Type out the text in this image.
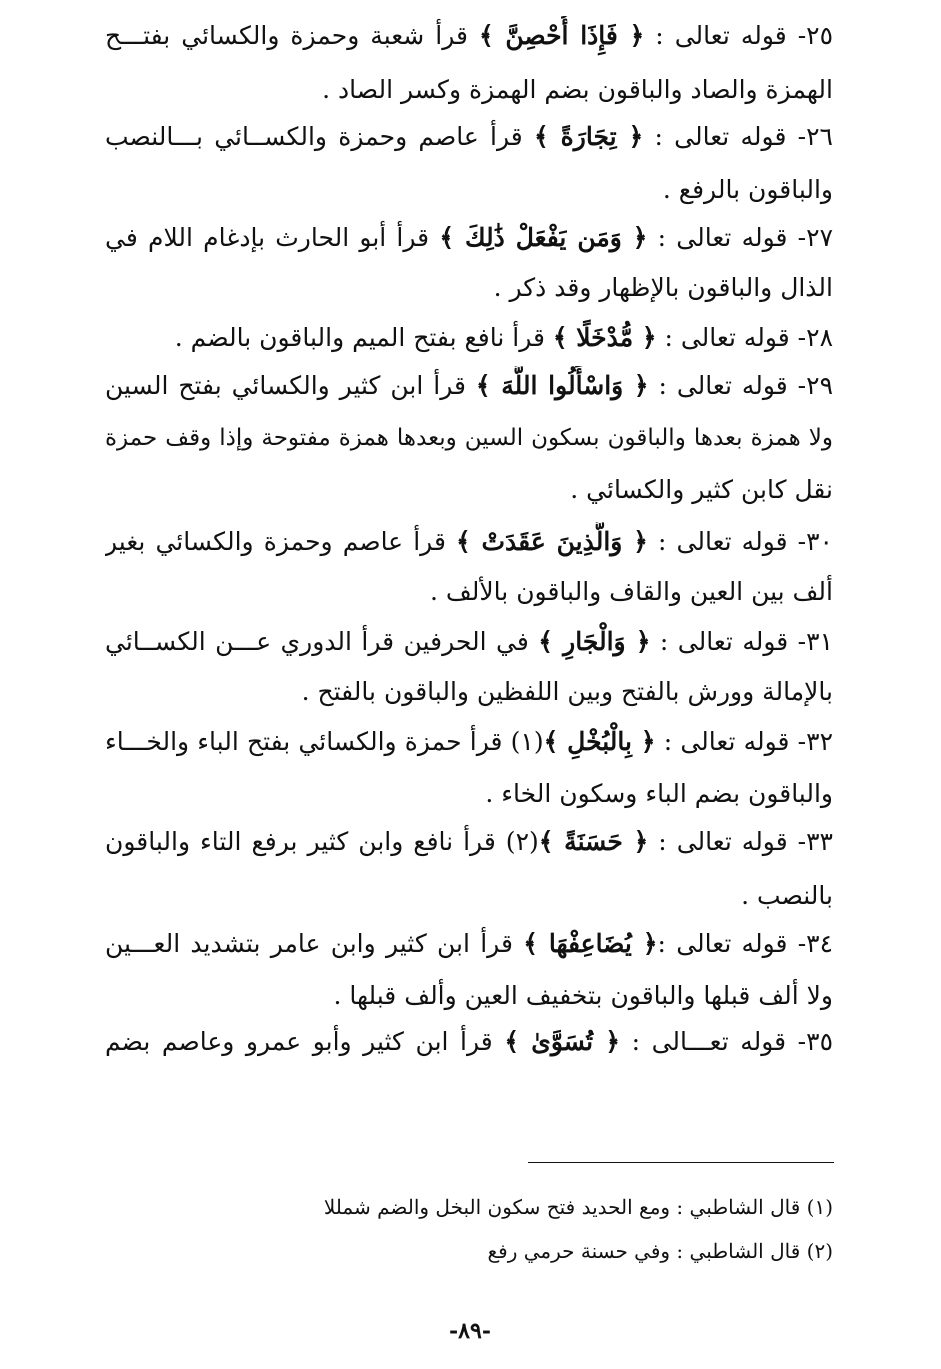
٢٥- قوله تعالى : ﴿ فَإِذَا أُحْصِنَّ ﴾ قرأ شعبة وحمزة والكسائي بفتـــح
الهمزة والصاد والباقون بضم الهمزة وكسر الصاد .
٢٦- قوله تعالى : ﴿ تِجَارَةً ﴾ قرأ عاصم وحمزة والكســائي بـــالنصب
والباقون بالرفع .
٢٧- قوله تعالى : ﴿ وَمَن يَفْعَلْ ذَٰلِكَ ﴾ قرأ أبو الحارث بإدغام اللام في
الذال والباقون بالإظهار وقد ذكر .
٢٨- قوله تعالى : ﴿ مُّدْخَلًا ﴾ قرأ نافع بفتح الميم والباقون بالضم .
٢٩- قوله تعالى : ﴿ وَاسْأَلُوا اللَّهَ ﴾ قرأ ابن كثير والكسائي بفتح السين
ولا همزة بعدها والباقون بسكون السين وبعدها همزة مفتوحة وإذا وقف حمزة
نقل كابن كثير والكسائي .
٣٠- قوله تعالى : ﴿ وَالَّذِينَ عَقَدَتْ ﴾ قرأ عاصم وحمزة والكسائي بغير
ألف بين العين والقاف والباقون بالألف .
٣١- قوله تعالى : ﴿ وَالْجَارِ ﴾ في الحرفين قرأ الدوري عـــن الكســائي
بالإمالة وورش بالفتح وبين اللفظين والباقون بالفتح .
٣٢- قوله تعالى : ﴿ بِالْبُخْلِ ﴾(١) قرأ حمزة والكسائي بفتح الباء والخـــاء
والباقون بضم الباء وسكون الخاء .
٣٣- قوله تعالى : ﴿ حَسَنَةً ﴾(٢) قرأ نافع وابن كثير برفع التاء والباقون
بالنصب .
٣٤- قوله تعالى :﴿ يُضَاعِفْهَا ﴾ قرأ ابن كثير وابن عامر بتشديد العـــين
ولا ألف قبلها والباقون بتخفيف العين وألف قبلها .
٣٥- قوله تعـــالى : ﴿ تُسَوَّىٰ ﴾ قرأ ابن كثير وأبو عمرو وعاصم بضم
(١) قال الشاطبي : ومع الحديد فتح سكون البخل والضم شمللا
(٢) قال الشاطبي : وفي حسنة حرمي رفع
-٨٩-
